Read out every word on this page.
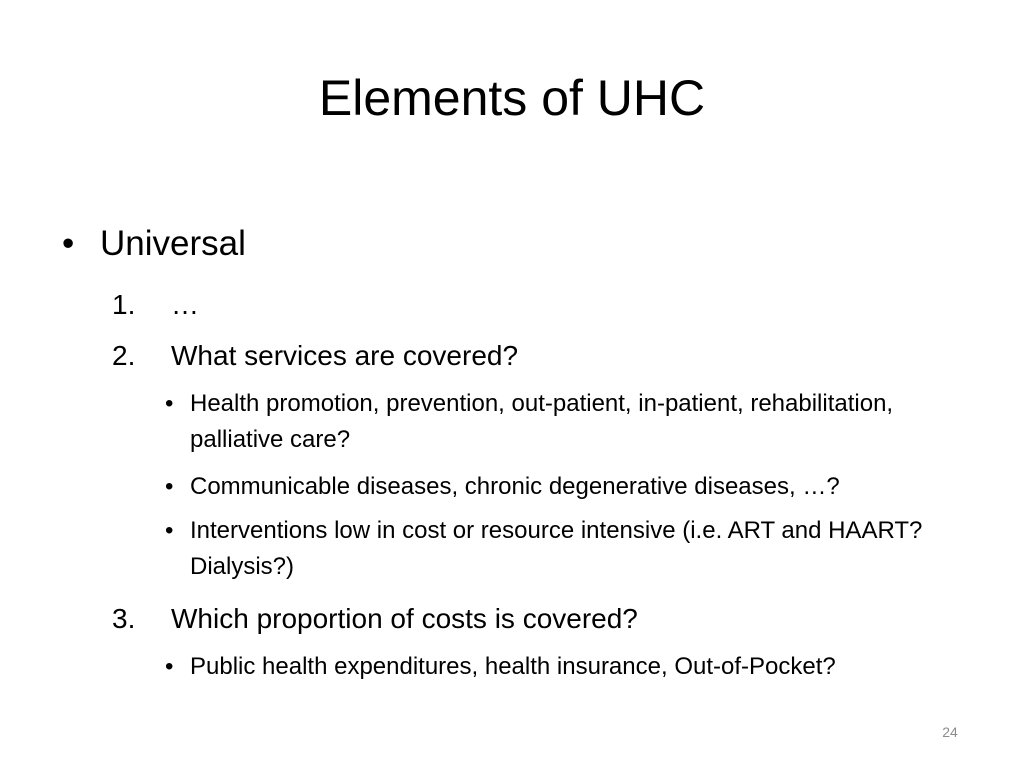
Elements of UHC
• Universal
1. …
2. What services are covered?
• Health promotion, prevention, out-patient, in-patient, rehabilitation, palliative care?
• Communicable diseases, chronic degenerative diseases, …?
• Interventions low in cost or resource intensive (i.e. ART and HAART? Dialysis?)
3. Which proportion of costs is covered?
• Public health expenditures, health insurance, Out-of-Pocket?
24
